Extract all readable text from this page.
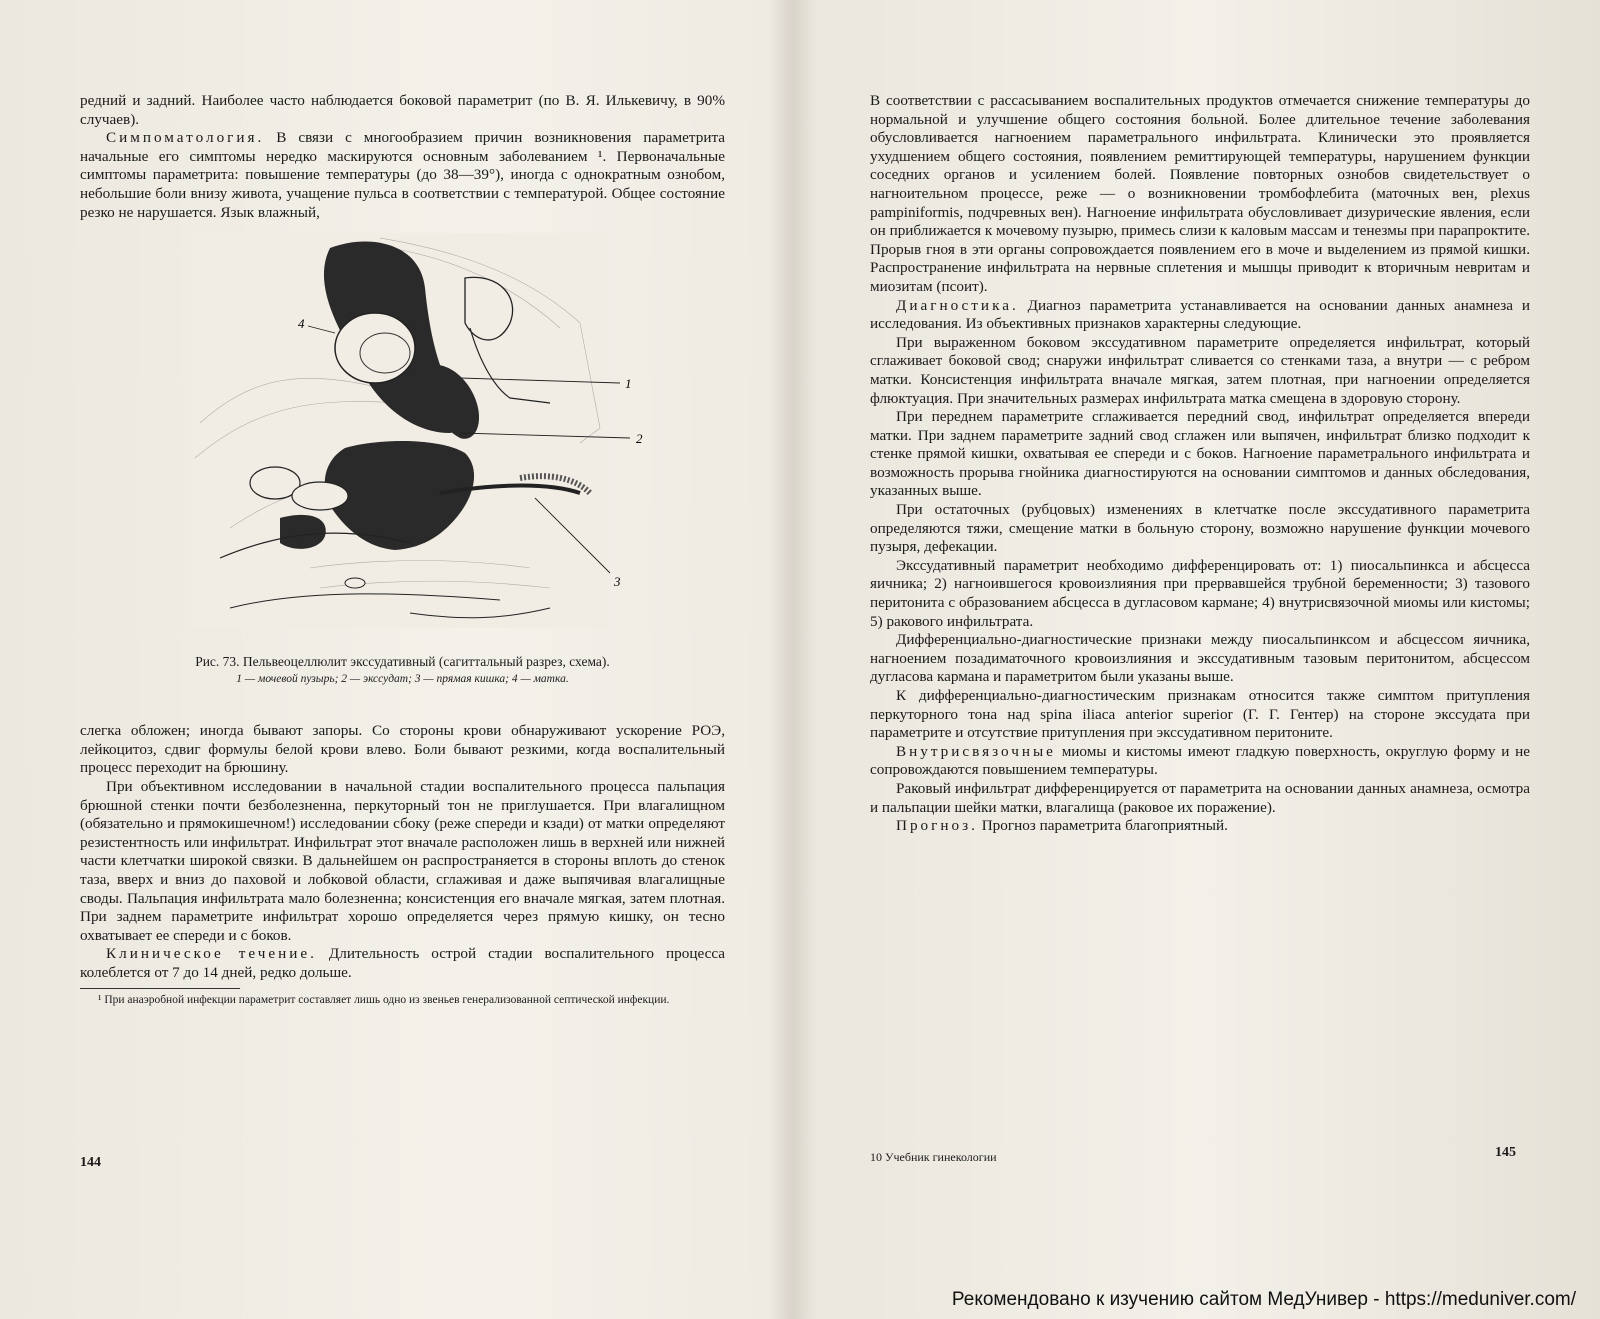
редний и задний. Наиболее часто наблюдается боковой параметрит (по В. Я. Илькевичу, в 90% случаев).

Симпоматология. В связи с многообразием причин возникновения параметрита начальные его симптомы нередко маскируются основным заболеванием ¹. Первоначальные симптомы параметрита: повышение температуры (до 38—39°), иногда с однократным ознобом, небольшие боли внизу живота, учащение пульса в соответствии с температурой. Общее состояние резко не нарушается. Язык влажный,

1
2
3
4
Рис. 73. Пельвеоцеллюлит экссудативный (сагиттальный разрез, схема).
1 — мочевой пузырь; 2 — экссудат; 3 — прямая кишка; 4 — матка.

слегка обложен; иногда бывают запоры. Со стороны крови обнаруживают ускорение РОЭ, лейкоцитоз, сдвиг формулы белой крови влево. Боли бывают резкими, когда воспалительный процесс переходит на брюшину.

При объективном исследовании в начальной стадии воспалительного процесса пальпация брюшной стенки почти безболезненна, перкуторный тон не приглушается. При влагалищном (обязательно и прямокишечном!) исследовании сбоку (реже спереди и кзади) от матки определяют резистентность или инфильтрат. Инфильтрат этот вначале расположен лишь в верхней или нижней части клетчатки широкой связки. В дальнейшем он распространяется в стороны вплоть до стенок таза, вверх и вниз до паховой и лобковой области, сглаживая и даже выпячивая влагалищные своды. Пальпация инфильтрата мало болезненна; консистенция его вначале мягкая, затем плотная. При заднем параметрите инфильтрат хорошо определяется через прямую кишку, он тесно охватывает ее спереди и с боков.

Клиническое течение. Длительность острой стадии воспалительного процесса колеблется от 7 до 14 дней, редко дольше.

¹ При анаэробной инфекции параметрит составляет лишь одно из звеньев генерализованной септической инфекции.

144

В соответствии с рассасыванием воспалительных продуктов отмечается снижение температуры до нормальной и улучшение общего состояния больной. Более длительное течение заболевания обусловливается нагноением параметрального инфильтрата. Клинически это проявляется ухудшением общего состояния, появлением ремиттирующей температуры, нарушением функции соседних органов и усилением болей. Появление повторных ознобов свидетельствует о нагноительном процессе, реже — о возникновении тромбофлебита (маточных вен, plexus pampiniformis, подчревных вен). Нагноение инфильтрата обусловливает дизурические явления, если он приближается к мочевому пузырю, примесь слизи к каловым массам и тенезмы при парапроктите. Прорыв гноя в эти органы сопровождается появлением его в моче и выделением из прямой кишки. Распространение инфильтрата на нервные сплетения и мышцы приводит к вторичным невритам и миозитам (псоит).

Диагностика. Диагноз параметрита устанавливается на основании данных анамнеза и исследования. Из объективных признаков характерны следующие.

При выраженном боковом экссудативном параметрите определяется инфильтрат, который сглаживает боковой свод; снаружи инфильтрат сливается со стенками таза, а внутри — с ребром матки. Консистенция инфильтрата вначале мягкая, затем плотная, при нагноении определяется флюктуация. При значительных размерах инфильтрата матка смещена в здоровую сторону.

При переднем параметрите сглаживается передний свод, инфильтрат определяется впереди матки. При заднем параметрите задний свод сглажен или выпячен, инфильтрат близко подходит к стенке прямой кишки, охватывая ее спереди и с боков. Нагноение параметрального инфильтрата и возможность прорыва гнойника диагностируются на основании симптомов и данных обследования, указанных выше.

При остаточных (рубцовых) изменениях в клетчатке после экссудативного параметрита определяются тяжи, смещение матки в больную сторону, возможно нарушение функции мочевого пузыря, дефекации.

Экссудативный параметрит необходимо дифференцировать от: 1) пиосальпинкса и абсцесса яичника; 2) нагноившегося кровоизлияния при прервавшейся трубной беременности; 3) тазового перитонита с образованием абсцесса в дугласовом кармане; 4) внутрисвязочной миомы или кистомы; 5) ракового инфильтрата.

Дифференциально-диагностические признаки между пиосальпинксом и абсцессом яичника, нагноением позадиматочного кровоизлияния и экссудативным тазовым перитонитом, абсцессом дугласова кармана и параметритом были указаны выше.

К дифференциально-диагностическим признакам относится также симптом притупления перкуторного тона над spina iliaca anterior superior (Г. Г. Гентер) на стороне экссудата при параметрите и отсутствие притупления при экссудативном перитоните.

Внутрисвязочные миомы и кистомы имеют гладкую поверхность, округлую форму и не сопровождаются повышением температуры.

Раковый инфильтрат дифференцируется от параметрита на основании данных анамнеза, осмотра и пальпации шейки матки, влагалища (раковое их поражение).

Прогноз. Прогноз параметрита благоприятный.

10 Учебник гинекологии	145
Рекомендовано к изучению сайтом МедУнивер - https://meduniver.com/
